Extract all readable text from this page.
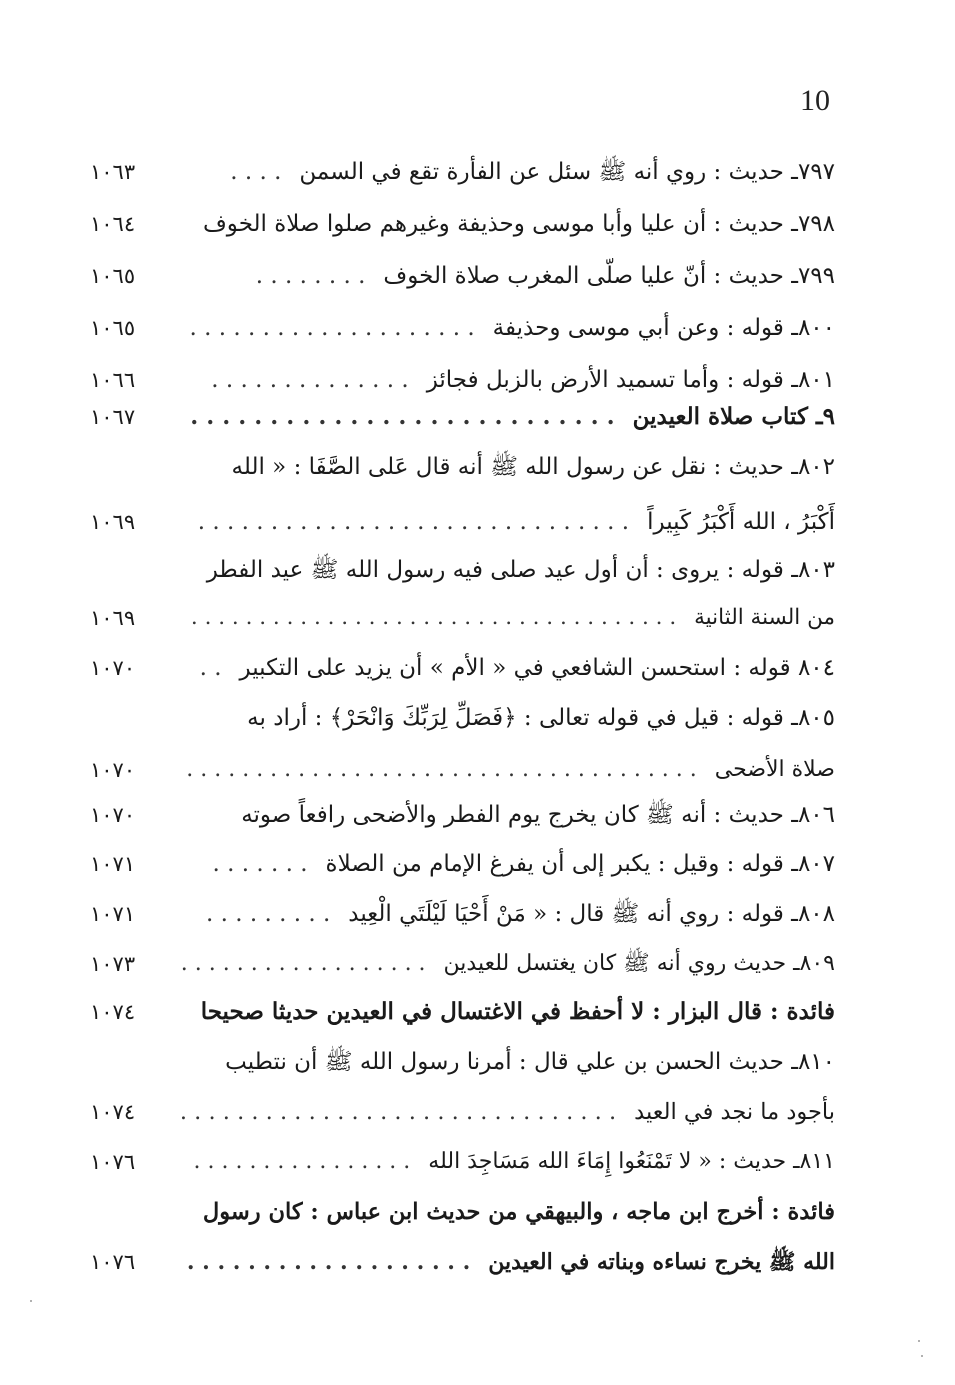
10
٧٩٧ـ حديث : روي أنه ﷺ سئل عن الفأرة تقع في السمن. . . .
١٠٦٣
٧٩٨ـ حديث : أن عليا وأبا موسى وحذيفة وغيرهم صلوا صلاة الخوف
١٠٦٤
٧٩٩ـ حديث : أنّ عليا صلّى المغرب صلاة الخوف. . . . . . . .
١٠٦٥
٨٠٠ـ قوله : وعن أبي موسى وحذيفة. . . . . . . . . . . . . . . . . . . .
١٠٦٥
٨٠١ـ قوله : وأما تسميد الأرض بالزبل فجائز. . . . . . . . . . . . . .
١٠٦٦
٩ـ كتاب صلاة العيدين. . . . . . . . . . . . . . . . . . . . . . . . . . .
١٠٦٧
٨٠٢ـ حديث : نقل عن رسول الله ﷺ أنه قال عَلى الصَّفَا : « الله
أَكْبَرُ ، الله أَكْبَرُ كَبِيراً. . . . . . . . . . . . . . . . . . . . . . . . . . . . . .
١٠٦٩
٨٠٣ـ قوله : يروى : أن أول عيد صلى فيه رسول الله ﷺ عيد الفطر
من السنة الثانية. . . . . . . . . . . . . . . . . . . . . . . . . . . . . . . . . . . .
١٠٦٩
٨٠٤ قوله : استحسن الشافعي في « الأم » أن يزيد على التكبير. .
١٠٧٠
٨٠٥ـ قوله : قيل في قوله تعالى : ﴿فَصَلِّ لِرَبِّكَ وَانْحَرْ﴾ : أراد به
صلاة الأضحى. . . . . . . . . . . . . . . . . . . . . . . . . . . . . . . . . . . . .
١٠٧٠
٨٠٦ـ حديث : أنه ﷺ كان يخرج يوم الفطر والأضحى رافعاً صوته
١٠٧٠
٨٠٧ـ قوله : وقيل : يكبر إلى أن يفرغ الإمام من الصلاة. . . . . . .
١٠٧١
٨٠٨ـ قوله : روي أنه ﷺ قال : « مَنْ أَحْيَا لَيْلَتَي الْعِيد. . . . . . . . .
١٠٧١
٨٠٩ـ حديث روي أنه ﷺ كان يغتسل للعيدين. . . . . . . . . . . . . . . . . .
١٠٧٣
فائدة : قال البزار : لا أحفظ في الاغتسال في العيدين حديثا صحيحا
١٠٧٤
٨١٠ـ حديث الحسن بن علي قال : أمرنا رسول الله ﷺ أن نتطيب
بأجود ما نجد في العيد. . . . . . . . . . . . . . . . . . . . . . . . . . . . . . .
١٠٧٤
٨١١ـ حديث : « لا تَمْنَعُوا إِمَاءَ الله مَسَاجِدَ الله. . . . . . . . . . . . . . . .
١٠٧٦
فائدة : أخرج ابن ماجه ، والبيهقي من حديث ابن عباس : كان رسول
الله ﷺ يخرج نساءه وبناته في العيدين. . . . . . . . . . . . . . . . . . .
١٠٧٦
